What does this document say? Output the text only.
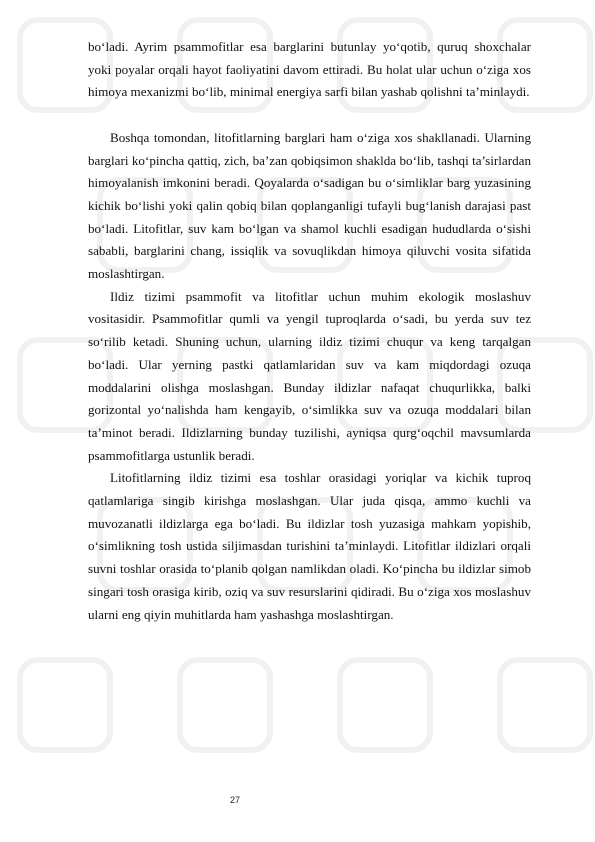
bo‘ladi. Ayrim psammofitlar esa barglarini butunlay yo‘qotib, quruq shoxchalar yoki poyalar orqali hayot faoliyatini davom ettiradi. Bu holat ular uchun o‘ziga xos himoya mexanizmi bo‘lib, minimal energiya sarfi bilan yashab qolishni ta’minlaydi.

Boshqa tomondan, litofitlarning barglari ham o‘ziga xos shakllanadi. Ularning barglari ko‘pincha qattiq, zich, ba’zan qobiqsimon shaklda bo‘lib, tashqi ta’sirlardan himoyalanish imkonini beradi. Qoyalarda o‘sadigan bu o‘simliklar barg yuzasining kichik bo‘lishi yoki qalin qobiq bilan qoplanganligi tufayli bug‘lanish darajasi past bo‘ladi. Litofitlar, suv kam bo‘lgan va shamol kuchli esadigan hududlarda o‘sishi sababli, barglarini chang, issiqlik va sovuqlikdan himoya qiluvchi vosita sifatida moslashtirgan.

Ildiz tizimi psammofit va litofitlar uchun muhim ekologik moslashuv vositasidir. Psammofitlar qumli va yengil tuproqlarda o‘sadi, bu yerda suv tez so‘rilib ketadi. Shuning uchun, ularning ildiz tizimi chuqur va keng tarqalgan bo‘ladi. Ular yerning pastki qatlamlaridan suv va kam miqdordagi ozuqa moddalarini olishga moslashgan. Bunday ildizlar nafaqat chuqurlikka, balki gorizontal yo‘nalishda ham kengayib, o‘simlikka suv va ozuqa moddalari bilan ta’minot beradi. Ildizlarning bunday tuzilishi, ayniqsa qurg‘oqchil mavsumlarda psammofitlarga ustunlik beradi.

Litofitlarning ildiz tizimi esa toshlar orasidagi yoriqlar va kichik tuproq qatlamlariga singib kirishga moslashgan. Ular juda qisqa, ammo kuchli va muvozanatli ildizlarga ega bo‘ladi. Bu ildizlar tosh yuzasiga mahkam yopishib, o‘simlikning tosh ustida siljimasdan turishini ta’minlaydi. Litofitlar ildizlari orqali suvni toshlar orasida to‘planib qolgan namlikdan oladi. Ko‘pincha bu ildizlar simob singari tosh orasiga kirib, oziq va suv resurslarini qidiradi. Bu o‘ziga xos moslashuv ularni eng qiyin muhitlarda ham yashashga moslashtirgan.

27
